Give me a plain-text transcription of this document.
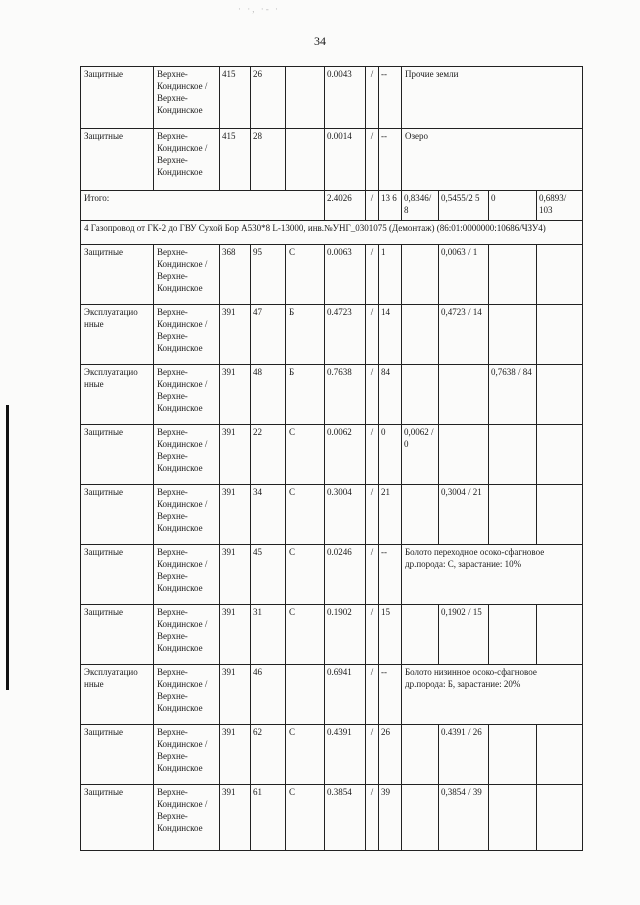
· ·, ·- ·
34
Защитные	Верхне-Кондинское / Верхне-Кондинское	415	26		0.0043	/	--	Прочие земли			
Защитные	Верхне-Кондинское / Верхне-Кондинское	415	28		0.0014	/	--	Озеро			
Итого:					2.4026	/	13 6	0,8346/ 8	0,5455/2 5	0	0,6893/ 103
4 Газопровод от ГК-2 до ГВУ Сухой Бор А530*8 L-13000, инв.№УНГ_0301075 (Демонтаж) (86:01:0000000:10686/ЧЗУ4)											
Защитные	Верхне-Кондинское / Верхне-Кондинское	368	95	С	0.0063	/	1		0,0063 / 1		
Эксплуатацио нные	Верхне-Кондинское / Верхне-Кондинское	391	47	Б	0.4723	/	14		0,4723 / 14		
Эксплуатацио нные	Верхне-Кондинское / Верхне-Кондинское	391	48	Б	0.7638	/	84			0,7638 / 84	
Защитные	Верхне-Кондинское / Верхне-Кондинское	391	22	С	0.0062	/	0	0,0062 / 0			
Защитные	Верхне-Кондинское / Верхне-Кондинское	391	34	С	0.3004	/	21		0,3004 / 21		
Защитные	Верхне-Кондинское / Верхне-Кондинское	391	45	С	0.0246	/	--	Болото переходное осоко-сфагновое др.порода: С, зарастание: 10%			
Защитные	Верхне-Кондинское / Верхне-Кондинское	391	31	С	0.1902	/	15		0,1902 / 15		
Эксплуатацио нные	Верхне-Кондинское / Верхне-Кондинское	391	46		0.6941	/	--	Болото низинное осоко-сфагновое др.порода: Б, зарастание: 20%			
Защитные	Верхне-Кондинское / Верхне-Кондинское	391	62	С	0.4391	/	26		0.4391 / 26		
Защитные	Верхне-Кондинское / Верхне-Кондинское	391	61	С	0.3854	/	39		0,3854 / 39		
